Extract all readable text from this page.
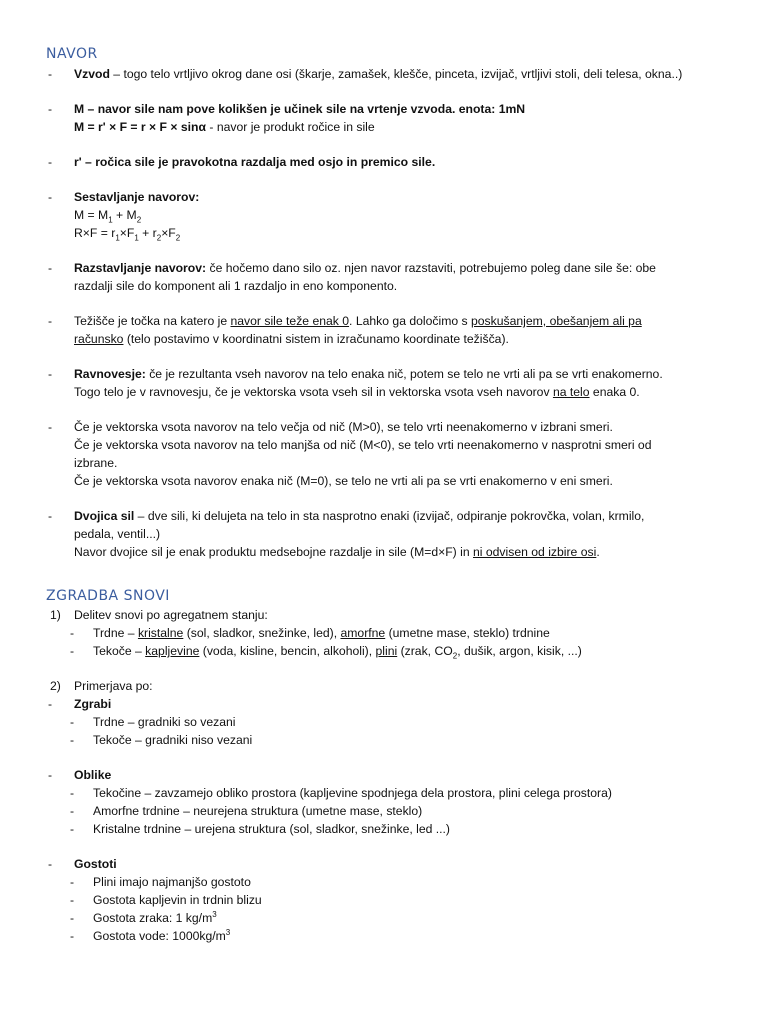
NAVOR
- Vzvod – togo telo vrtljivo okrog dane osi (škarje, zamašek, klešče, pinceta, izvijač, vrtljivi stoli, deli telesa, okna..)
- M – navor sile nam pove kolikšen je učinek sile na vrtenje vzvoda. enota: 1mN
M = r' × F = r × F × sinα - navor je produkt ročice in sile
- r' – ročica sile je pravokotna razdalja med osjo in premico sile.
- Sestavljanje navorov:
$M = M_1 + M_2$
$R\times F = r_1\times F_1 + r_2\times F_2$
- Razstavljanje navorov: če hočemo dano silo oz. njen navor razstaviti, potrebujemo poleg dane sile še: obe
razdalji sile do komponent ali 1 razdaljo in eno komponento.
- Težišče je točka na katero je navor sile teže enak 0. Lahko ga določimo s poskušanjem, obešanjem ali pa
računsko (telo postavimo v koordinatni sistem in izračunamo koordinate težišča).
- Ravnovesje: če je rezultanta vseh navorov na telo enaka nič, potem se telo ne vrti ali pa se vrti enakomerno.
Togo telo je v ravnovesju, če je vektorska vsota vseh sil in vektorska vsota vseh navorov na telo enaka 0.
- Če je vektorska vsota navorov na telo večja od nič (M>0), se telo vrti neenakomerno v izbrani smeri.
Če je vektorska vsota navorov na telo manjša od nič (M<0), se telo vrti neenakomerno v nasprotni smeri od
izbrane.
Če je vektorska vsota navorov enaka nič (M=0), se telo ne vrti ali pa se vrti enakomerno v eni smeri.
- Dvojica sil – dve sili, ki delujeta na telo in sta nasprotno enaki (izvijač, odpiranje pokrovčka, volan, krmilo,
pedala, ventil...)
Navor dvojice sil je enak produktu medsebojne razdalje in sile (M=d×F) in ni odvisen od izbire osi.
ZGRADBA SNOVI
1) Delitev snovi po agregatnem stanju:
- Trdne – kristalne (sol, sladkor, snežinke, led), amorfne (umetne mase, steklo) trdnine
- Tekoče – kapljevine (voda, kisline, bencin, alkoholi), plini (zrak, $CO_2$, dušik, argon, kisik, ...)
2) Primerjava po:
- Zgrabi
- Trdne – gradniki so vezani
- Tekoče – gradniki niso vezani
- Oblike
- Tekočine – zavzamejo obliko prostora (kapljevine spodnjega dela prostora, plini celega prostora)
- Amorfne trdnine – neurejena struktura (umetne mase, steklo)
- Kristalne trdnine – urejena struktura (sol, sladkor, snežinke, led ...)
- Gostoti
- Plini imajo najmanjšo gostoto
- Gostota kapljevin in trdnin blizu
- Gostota zraka: 1 $kg/m^3$
- Gostota vode: $1000kg/m^3$
